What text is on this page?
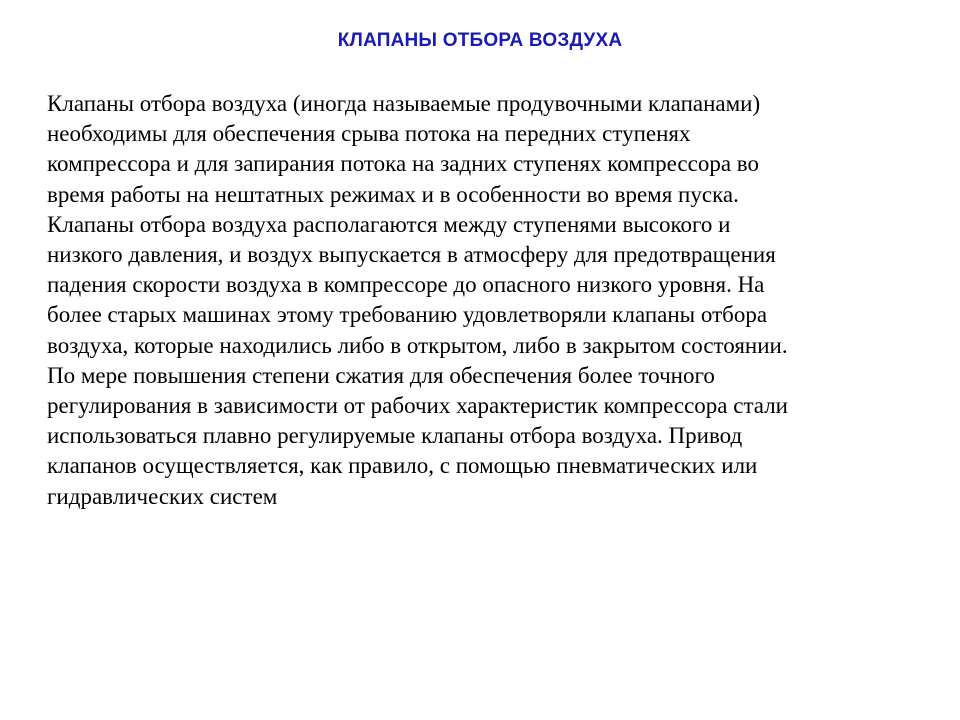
КЛАПАНЫ ОТБОРА ВОЗДУХА
Клапаны отбора воздуха (иногда называемые продувочными клапанами)
необходимы для обеспечения срыва потока на передних ступенях
компрессора и для запирания потока на задних ступенях компрессора во
время работы на нештатных режимах и в особенности во время пуска.
Клапаны отбора воздуха располагаются между ступенями высокого и
низкого давления, и воздух выпускается в атмосферу для предотвращения
падения скорости воздуха в компрессоре до опасного низкого уровня. На
более старых машинах этому требованию удовлетворяли клапаны отбора
воздуха, которые находились либо в открытом, либо в закрытом состоянии.
По мере повышения степени сжатия для обеспечения более точного
регулирования в зависимости от рабочих характеристик компрессора стали
использоваться плавно регулируемые клапаны отбора воздуха. Привод
клапанов осуществляется, как правило, с помощью пневматических или
гидравлических систем
